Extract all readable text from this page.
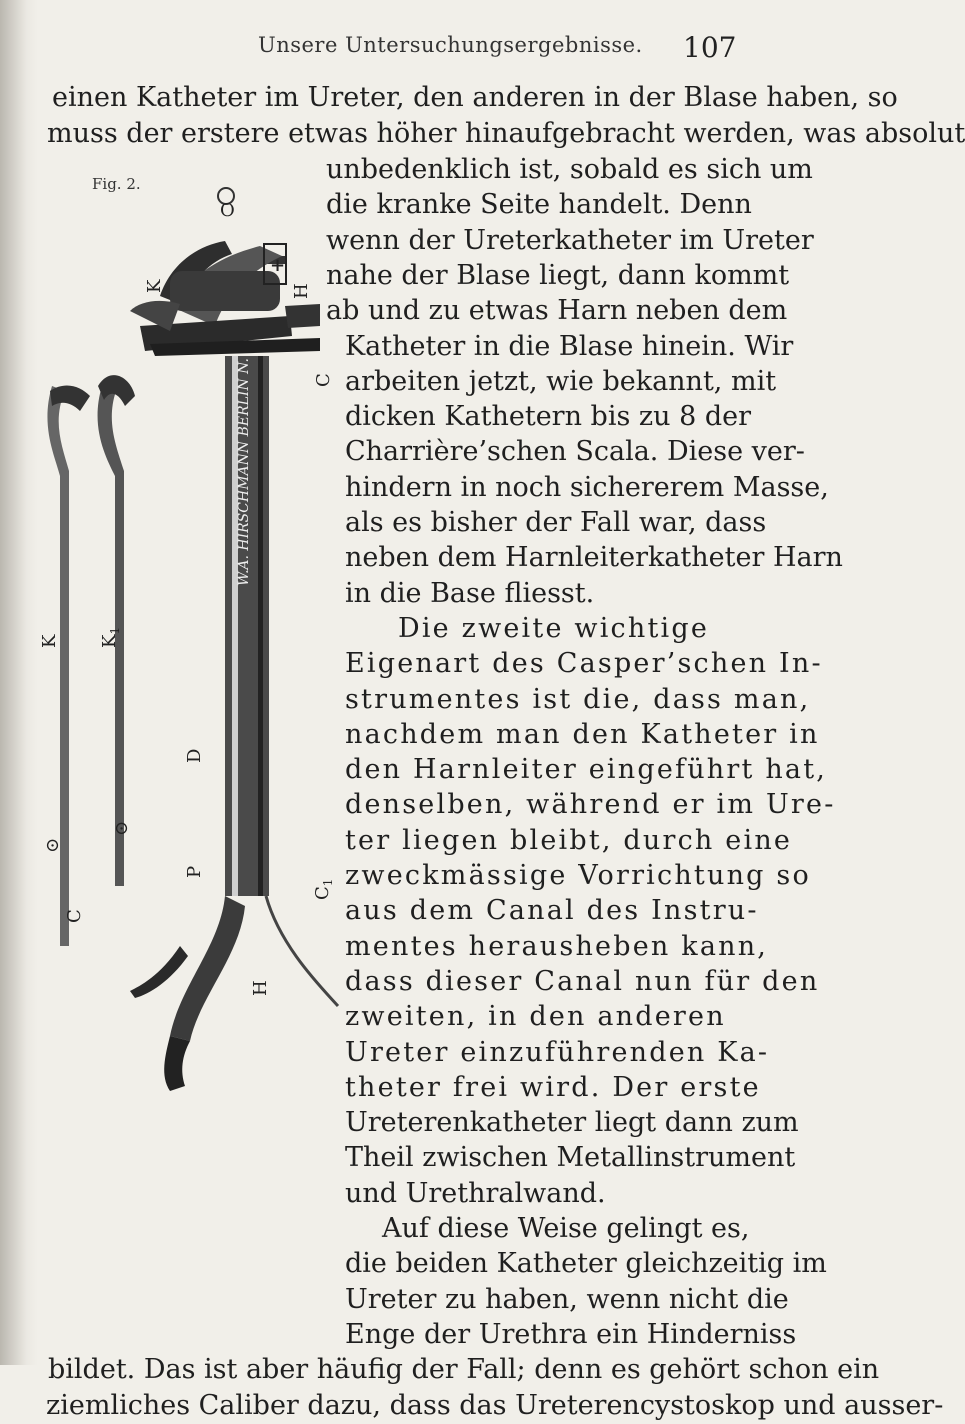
Unsere Untersuchungsergebnisse. 107
einen Katheter im Ureter, den anderen in der Blase haben, so
muss der erstere etwas höher hinaufgebracht werden, was absolut
Fig. 2.
W.A. HIRSCHMANN BERLIN N.
O
K
+
H
C
K $K_1$
D
⊙
⊙
C
P
H
$C_1$
unbedenklich ist, sobald es sich um
die kranke Seite handelt. Denn
wenn der Ureterkatheter im Ureter
nahe der Blase liegt, dann kommt
ab und zu etwas Harn neben dem
Katheter in die Blase hinein. Wir
arbeiten jetzt, wie bekannt, mit
dicken Kathetern bis zu 8 der
Charrière’schen Scala. Diese ver-
hindern in noch sichererem Masse,
als es bisher der Fall war, dass
neben dem Harnleiterkatheter Harn
in die Base fliesst.
Die zweite wichtige
Eigenart des Casper’schen In-
strumentes ist die, dass man,
nachdem man den Katheter in
den Harnleiter eingeführt hat,
denselben, während er im Ure-
ter liegen bleibt, durch eine
zweckmässige Vorrichtung so
aus dem Canal des Instru-
mentes herausheben kann,
dass dieser Canal nun für den
zweiten, in den anderen
Ureter einzuführenden Ka-
theter frei wird. Der erste
Ureterenkatheter liegt dann zum
Theil zwischen Metallinstrument
und Urethralwand.
Auf diese Weise gelingt es,
die beiden Katheter gleichzeitig im
Ureter zu haben, wenn nicht die
Enge der Urethra ein Hinderniss
bildet. Das ist aber häufig der Fall; denn es gehört schon ein
ziemliches Caliber dazu, dass das Ureterencystoskop und ausser-
